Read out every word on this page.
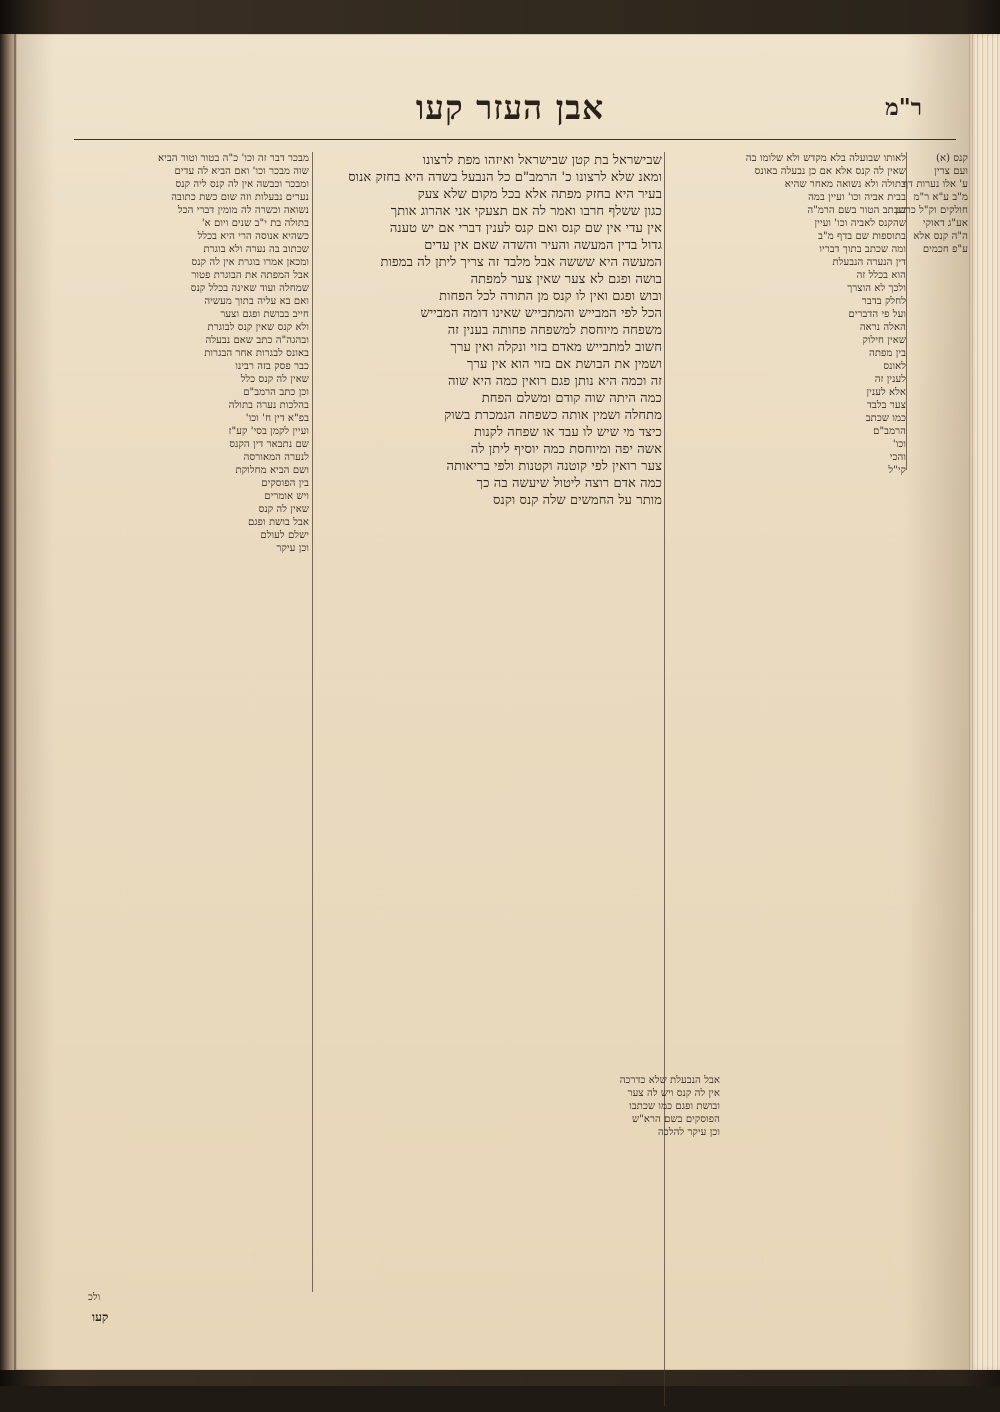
אבן העזר קעו	ר"מ
מבכר דבר זה וכו' כ"ה בטור וטור הביא
שוה מבכר וכו' ואם הביא לה עדים
ומבכר וכבשה אין לה קנס ליה קנס
נערים נבעלות וזה שום כשת כתובה
נשואה וכשרה לה מומין דברי הכל
בתולה בת י"ב שנים ויום א'
כשהיא אנוסה הרי היא בכלל
שכתוב בה נערה ולא בוגרת
ומכאן אמרו בוגרת אין לה קנס
אבל המפתה את הבוגרת פטור
שמחלה ועוד שאינה בכלל קנס
ואם בא עליה בתוך מעשיה
חייב בבושת ופגם וצער
ולא קנס שאין קנס לבוגרת
ובהגה"ה כתב שאם נבעלה
באונס לבגרות אחר הבגרות
כבר פסק בזה רבינו
שאין לה קנס כלל
וכן כתב הרמב"ם
בהלכות נערה בתולה
בפ"א דין ח' וכו'
ועיין לקמן בסי' קע"ז
שם נתבאר דין הקנס
לנערה המאורסה
ושם הביא מחלוקת
בין הפוסקים
ויש אומרים
שאין לה קנס
אבל בושת ופגם
ישלם לעולם
וכן עיקר
שבישראל בת קטן שבישראל ואיזהו מפת לרצונו
ומאנ שלא לרצונו כ' הרמב"ם כל הנבעל בשדה היא בחזק אנוס
בעיר היא בחזק מפתה אלא בכל מקום שלא צעק
כגון ששלף חרבו ואמר לה אם תצעקי אני אהרוג אותך
אין עדי אין שם קנס ואם קנס לענין דברי אם יש טענה
גדול בדין המעשה והעיר והשדה שאם אין עדים
המעשה היא שששה אבל מלבד זה צריך ליתן לה במפות
בושה ופגם לא צער שאין צער למפתה
ובוש ופגם ואין לו קנס מן התורה לכל הפחות
הכל לפי המבייש והמתבייש שאינו דומה המבייש
משפחה מיוחסת למשפחה פחותה בענין זה
חשוב למתבייש מאדם בזוי ונקלה ואין ערך
ושמין את הבושת אם בזוי הוא אין ערך
זה וכמה היא נותן פגם רואין כמה היא שוה
כמה היתה שוה קודם ומשלם הפחת
מתחלה ושמין אותה כשפחה הנמכרת בשוק
כיצד מי שיש לו עבד או שפחה לקנות
אשה יפה ומיוחסת כמה יוסיף ליתן לה
צער רואין לפי קוטנה וקטנות ולפי בריאותה
כמה אדם רוצה ליטול שיעשה בה כך
מותר על החמשים שלה קנס וקנס
אבל הנבעלת שלא כדרכה
אין לה קנס ויש לה צער
ובושת ופגם כמו שכתבו
הפוסקים בשם הרא"ש
וכן עיקר להלכה
לאותו שבועלה בלא מקדש ולא שלומו בה
שאין לה קנס אלא אם כן נבעלה באונס
בתולה ולא נשואה מאחר שהיא
בבית אביה וכו' ועיין במה
שכתב הטור בשם הרמ"ה
שהקנס לאביה וכו' ועיין
בתוספות שם בדף מ"ב
ומה שכתב בתוך דבריו
דין הנערה הנבעלת
הוא בכלל זה
ולכך לא הוצרך
לחלק בדבר
ועל פי הדברים
האלה נראה
שאין חילוק
בין מפתה
לאונס
לענין זה
אלא לענין
צער בלבד
כמו שכתב
הרמב"ם
וכו'
והכי
קי"ל
קנס (א)
ועם צרין
ע' אלו נערות דף
מ"ב ע"א ר"מ
חולקים וק"ל כרבנן
אע"ג דאוקי
ה"ה קנס אלא
ע"פ חכמים
ולכ
קעו
